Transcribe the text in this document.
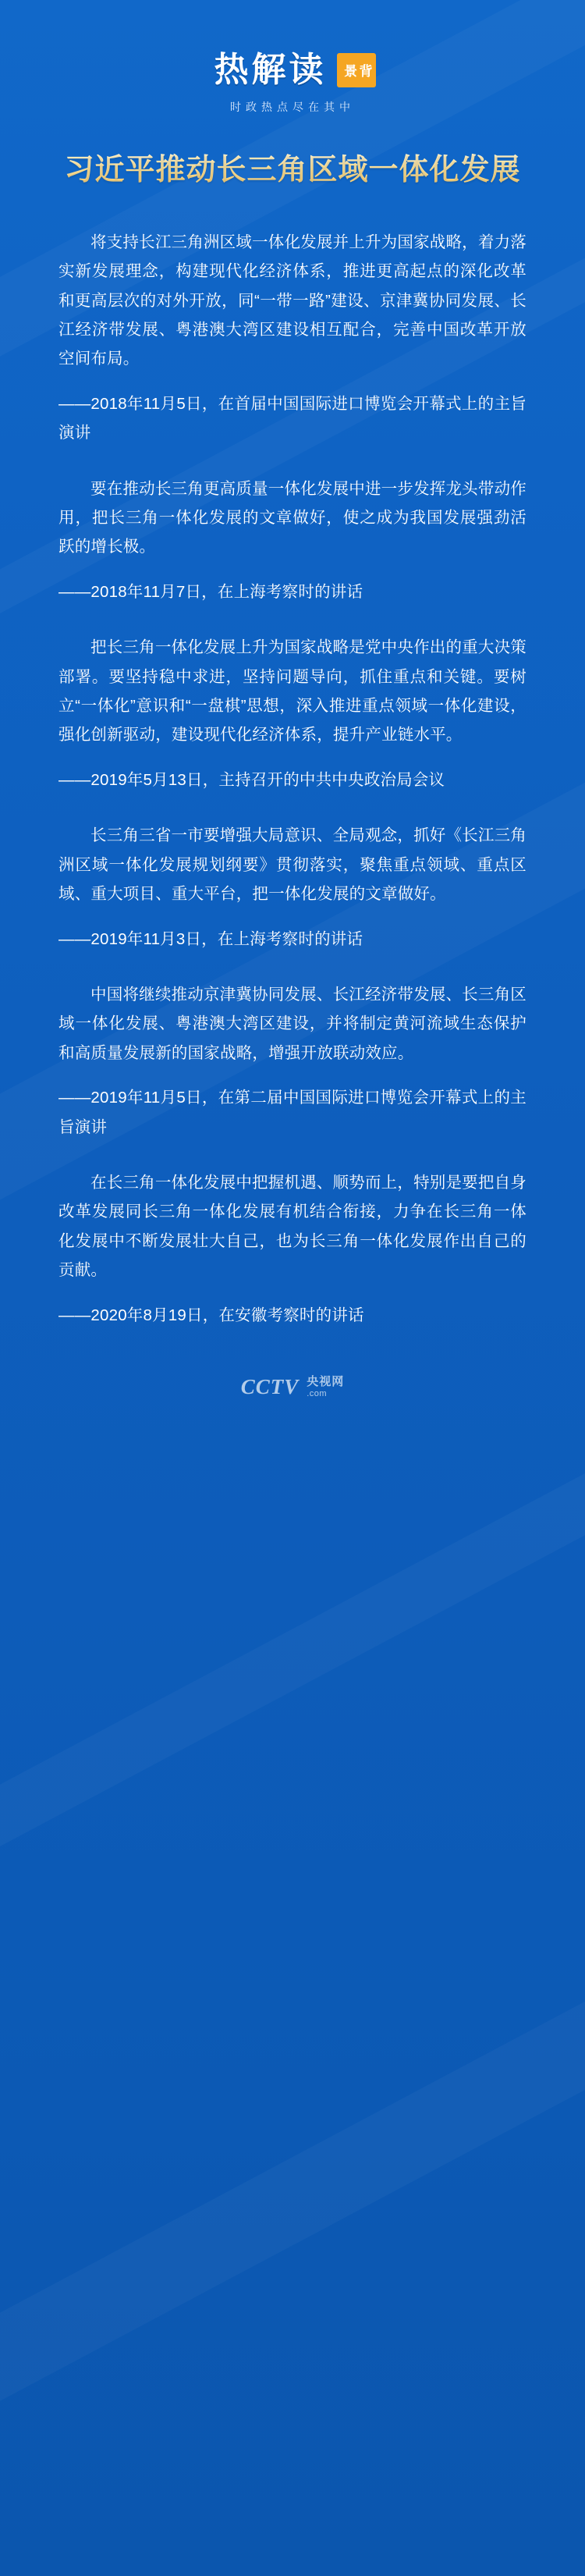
热解读	背景
时政热点尽在其中
习近平推动长三角区域一体化发展

将支持长江三角洲区域一体化发展并上升为国家战略，着力落实新发展理念，构建现代化经济体系，推进更高起点的深化改革和更高层次的对外开放，同“一带一路”建设、京津冀协同发展、长江经济带发展、粤港澳大湾区建设相互配合，完善中国改革开放空间布局。

——2018年11月5日，在首届中国国际进口博览会开幕式上的主旨演讲

要在推动长三角更高质量一体化发展中进一步发挥龙头带动作用，把长三角一体化发展的文章做好，使之成为我国发展强劲活跃的增长极。

——2018年11月7日，在上海考察时的讲话

把长三角一体化发展上升为国家战略是党中央作出的重大决策部署。要坚持稳中求进，坚持问题导向，抓住重点和关键。要树立“一体化”意识和“一盘棋”思想，深入推进重点领域一体化建设，强化创新驱动，建设现代化经济体系，提升产业链水平。

——2019年5月13日，主持召开的中共中央政治局会议

长三角三省一市要增强大局意识、全局观念，抓好《长江三角洲区域一体化发展规划纲要》贯彻落实，聚焦重点领域、重点区域、重大项目、重大平台，把一体化发展的文章做好。

——2019年11月3日，在上海考察时的讲话

中国将继续推动京津冀协同发展、长江经济带发展、长三角区域一体化发展、粤港澳大湾区建设，并将制定黄河流域生态保护和高质量发展新的国家战略，增强开放联动效应。

——2019年11月5日，在第二届中国国际进口博览会开幕式上的主旨演讲

在长三角一体化发展中把握机遇、顺势而上，特别是要把自身改革发展同长三角一体化发展有机结合衔接，力争在长三角一体化发展中不断发展壮大自己，也为长三角一体化发展作出自己的贡献。

——2020年8月19日，在安徽考察时的讲话

CCTV 央视网
.com
